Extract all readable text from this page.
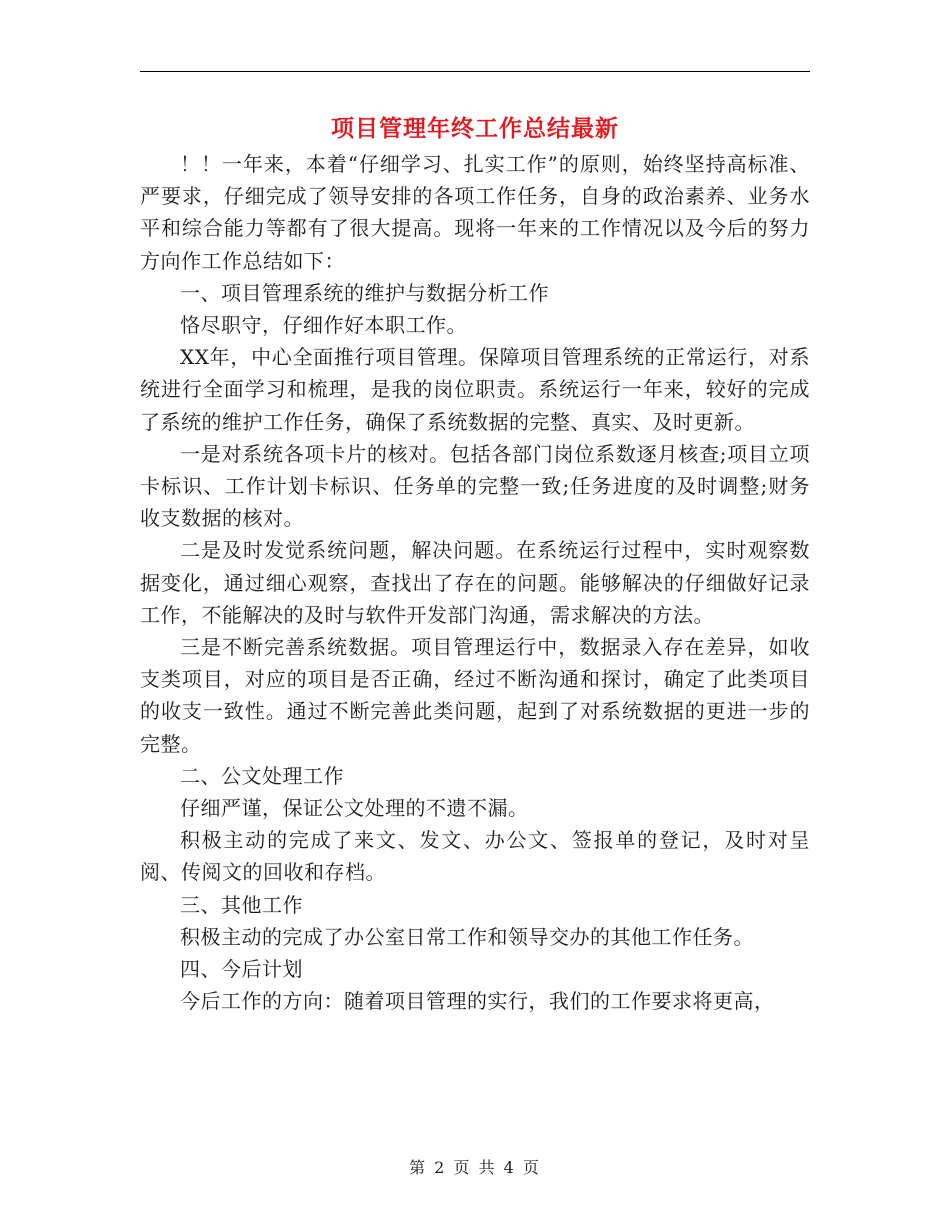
项目管理年终工作总结最新

！！一年来，本着“仔细学习、扎实工作”的原则，始终坚持高标准、严要求，仔细完成了领导安排的各项工作任务，自身的政治素养、业务水平和综合能力等都有了很大提高。现将一年来的工作情况以及今后的努力方向作工作总结如下：

一、项目管理系统的维护与数据分析工作

恪尽职守，仔细作好本职工作。

XX年，中心全面推行项目管理。保障项目管理系统的正常运行，对系统进行全面学习和梳理，是我的岗位职责。系统运行一年来，较好的完成了系统的维护工作任务，确保了系统数据的完整、真实、及时更新。

一是对系统各项卡片的核对。包括各部门岗位系数逐月核查;项目立项卡标识、工作计划卡标识、任务单的完整一致;任务进度的及时调整;财务收支数据的核对。

二是及时发觉系统问题，解决问题。在系统运行过程中，实时观察数据变化，通过细心观察，查找出了存在的问题。能够解决的仔细做好记录工作，不能解决的及时与软件开发部门沟通，需求解决的方法。

三是不断完善系统数据。项目管理运行中，数据录入存在差异，如收支类项目，对应的项目是否正确，经过不断沟通和探讨，确定了此类项目的收支一致性。通过不断完善此类问题，起到了对系统数据的更进一步的完整。

二、公文处理工作

仔细严谨，保证公文处理的不遗不漏。

积极主动的完成了来文、发文、办公文、签报单的登记，及时对呈阅、传阅文的回收和存档。

三、其他工作

积极主动的完成了办公室日常工作和领导交办的其他工作任务。

四、今后计划

今后工作的方向：随着项目管理的实行，我们的工作要求将更高，

第 2 页 共 4 页
